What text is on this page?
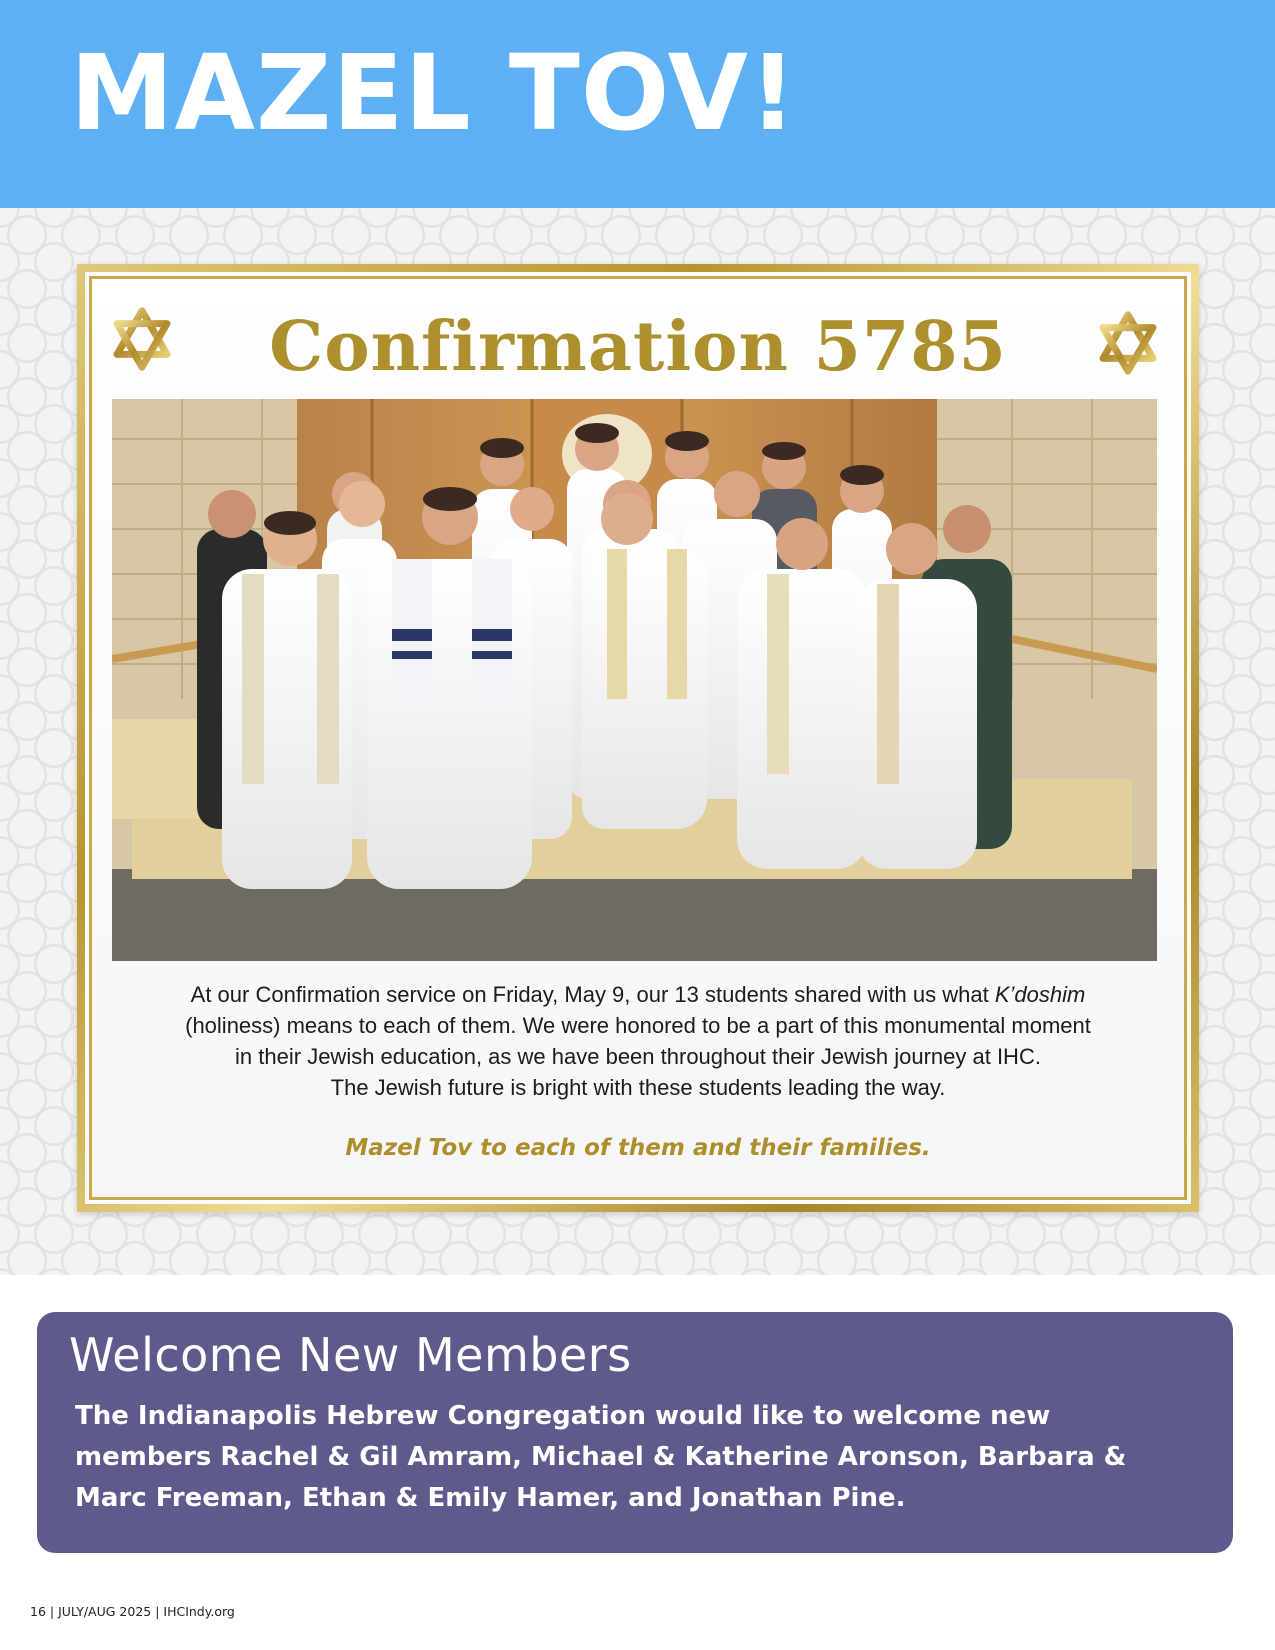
MAZEL TOV!
Confirmation 5785

At our Confirmation service on Friday, May 9, our 13 students shared with us what K’doshim

(holiness) means to each of them. We were honored to be a part of this monumental moment

in their Jewish education, as we have been throughout their Jewish journey at IHC.

The Jewish future is bright with these students leading the way.

Mazel Tov to each of them and their families.

Welcome New Members

The Indianapolis Hebrew Congregation would like to welcome new members Rachel & Gil Amram, Michael & Katherine Aronson, Barbara & Marc Freeman, Ethan & Emily Hamer, and Jonathan Pine.

16 | JULY/AUG 2025 | IHCIndy.org
